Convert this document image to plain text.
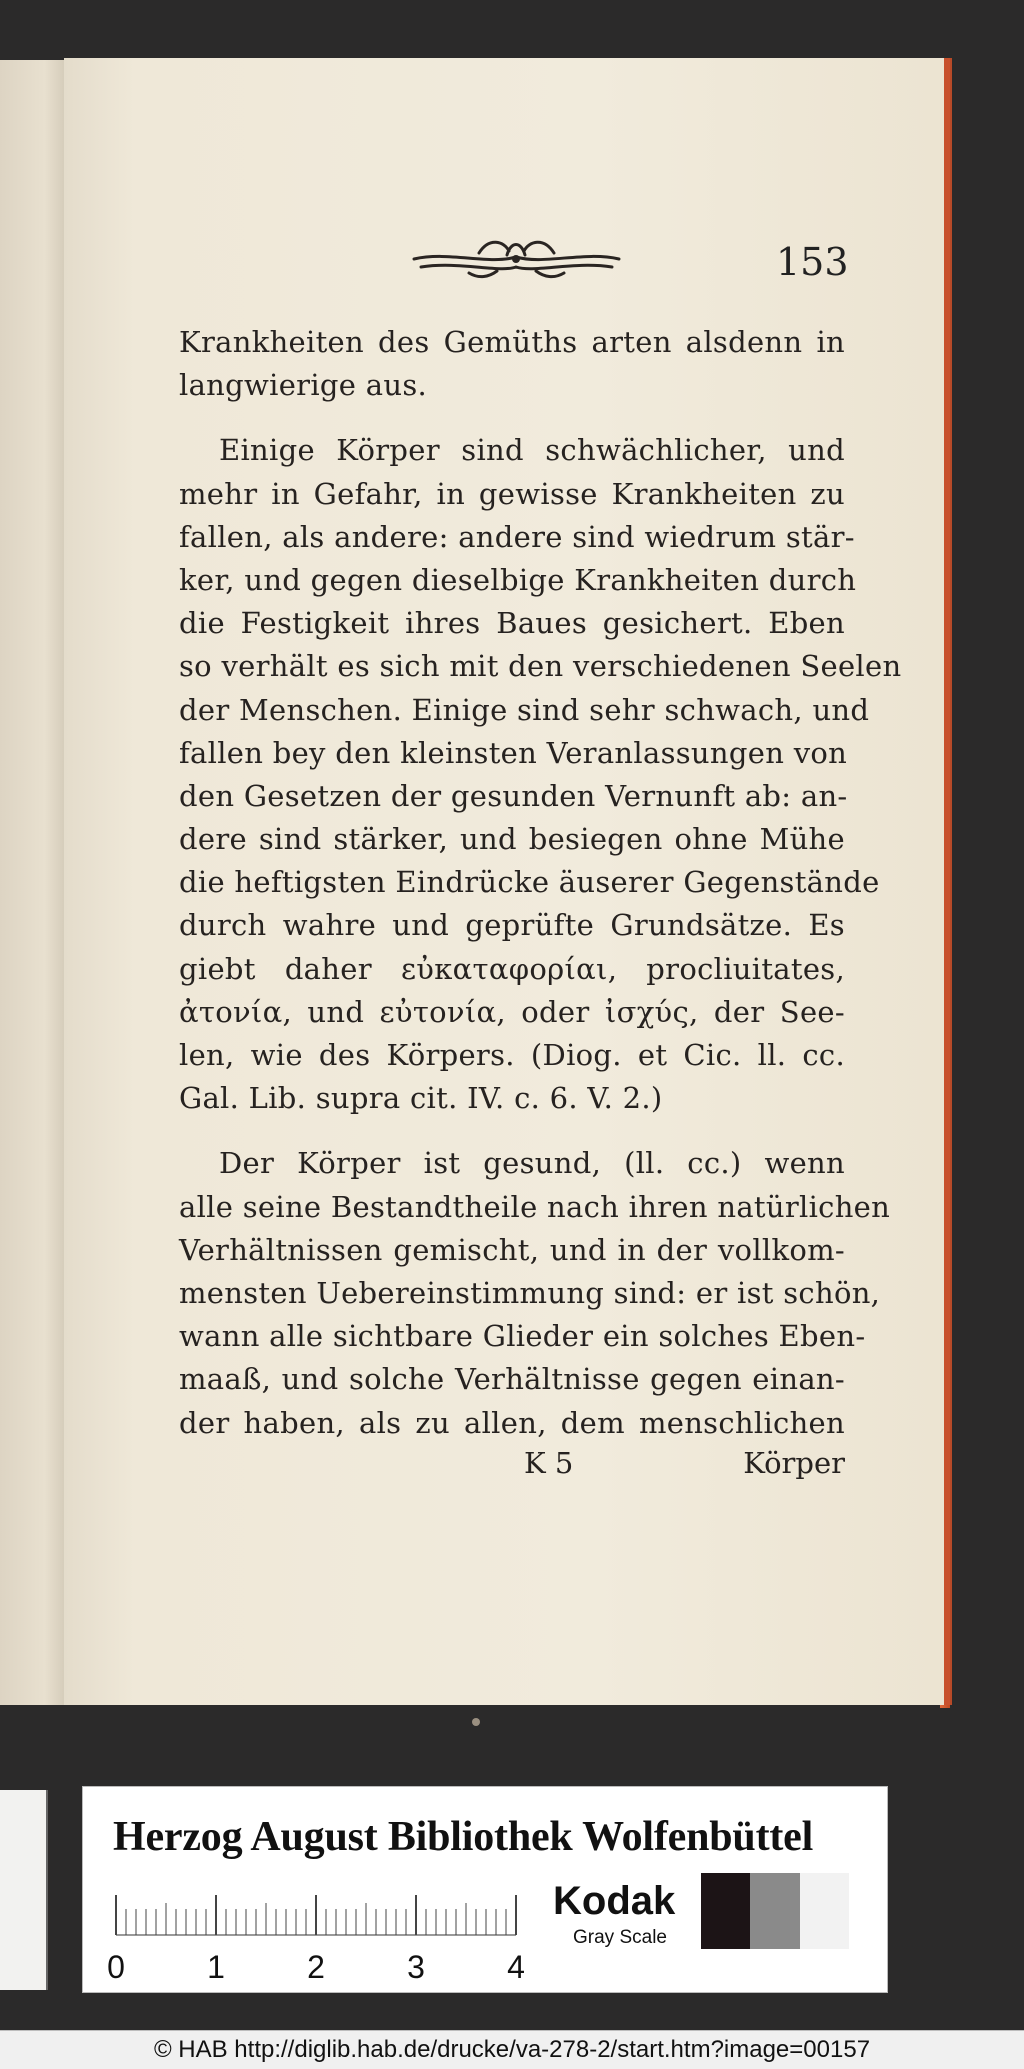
153
Krankheiten des Gemüths arten alsdenn in
langwierige aus.
Einige Körper sind schwächlicher, und
mehr in Gefahr, in gewisse Krankheiten zu
fallen, als andere: andere sind wiedrum stär-
ker, und gegen dieselbige Krankheiten durch
die Festigkeit ihres Baues gesichert. Eben
so verhält es sich mit den verschiedenen Seelen
der Menschen. Einige sind sehr schwach, und
fallen bey den kleinsten Veranlassungen von
den Gesetzen der gesunden Vernunft ab: an-
dere sind stärker, und besiegen ohne Mühe
die heftigsten Eindrücke äuserer Gegenstände
durch wahre und geprüfte Grundsätze. Es
giebt daher εὐκαταφορίαι, procliuitates,
ἀτονία, und εὐτονία, oder ἰσχύς, der See-
len, wie des Körpers. (Diog. et Cic. ll. cc.
Gal. Lib. supra cit. IV. c. 6. V. 2.)
Der Körper ist gesund, (ll. cc.) wenn
alle seine Bestandtheile nach ihren natürlichen
Verhältnissen gemischt, und in der vollkom-
mensten Uebereinstimmung sind: er ist schön,
wann alle sichtbare Glieder ein solches Eben-
maaß, und solche Verhältnisse gegen einan-
der haben, als zu allen, dem menschlichen
K 5	Körper
Herzog August Bibliothek Wolfenbüttel
0	1	2	3	4
Kodak
Gray Scale
© HAB http://diglib.hab.de/drucke/va-278-2/start.htm?image=00157
